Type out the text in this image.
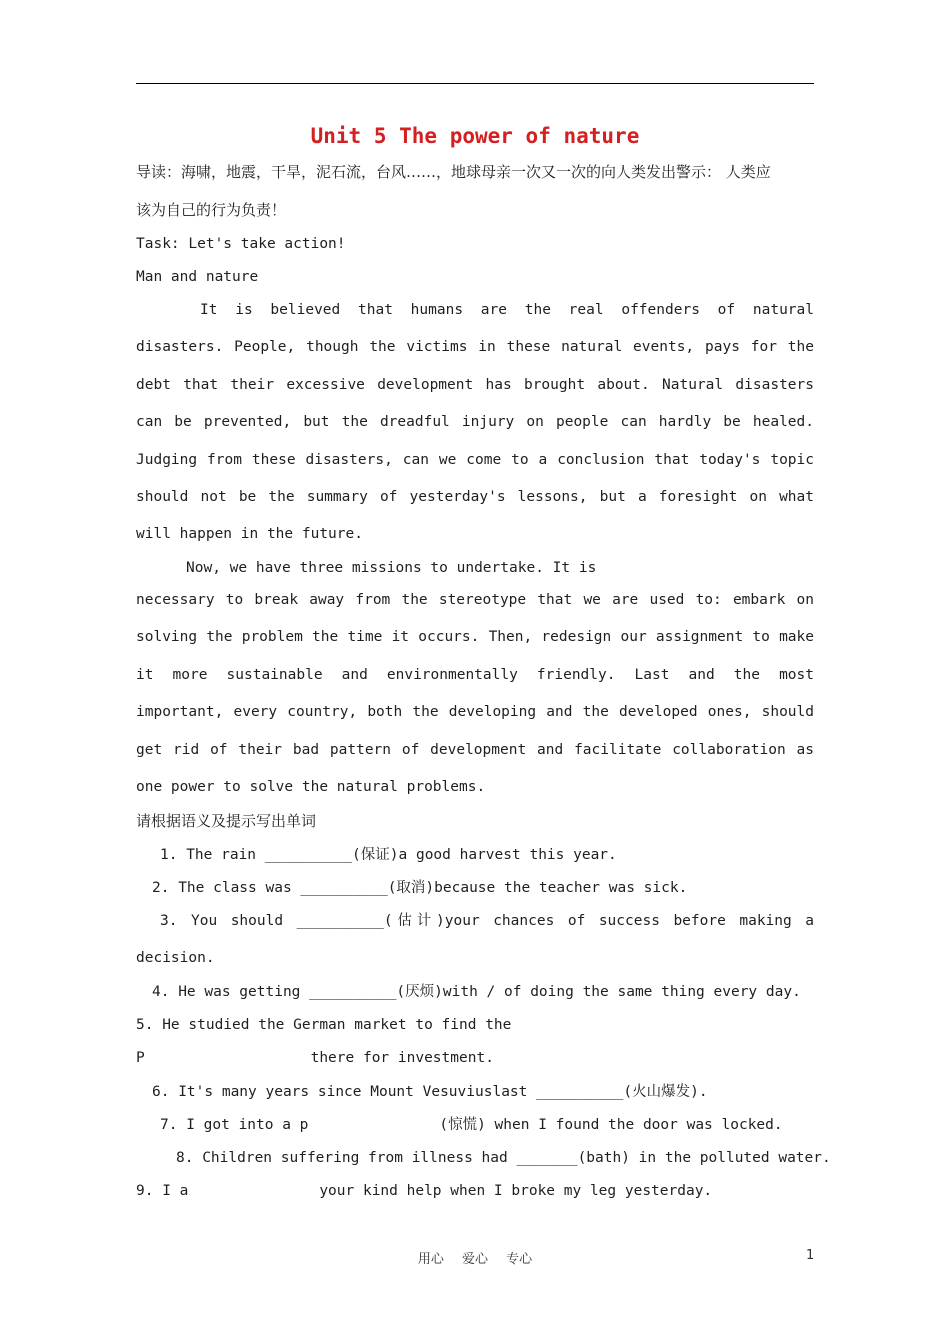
Unit 5 The power of nature
导读：海啸，地震，干旱，泥石流，台风……，地球母亲一次又一次的向人类发出警示： 人类应
该为自己的行为负责！
Task: Let's take action!
Man and nature
It is believed that humans are the real offenders of natural disasters. People, though the victims in these natural events, pays for the debt that their excessive development has brought about. Natural disasters can be prevented, but the dreadful injury on people can hardly be healed. Judging from these disasters, can we come to a conclusion that today's topic should not be the summary of yesterday's lessons, but a foresight on what will happen in the future.
Now, we have three missions to undertake. It is
necessary to break away from the stereotype that we are used to: embark on solving the problem the time it occurs. Then, redesign our assignment to make it more sustainable and environmentally friendly. Last and the most important, every country, both the developing and the developed ones, should get rid of their bad pattern of development and facilitate collaboration as one power to solve the natural problems.
请根据语义及提示写出单词
1. The rain __________(保证)a good harvest this year.
2. The class was __________(取消)because the teacher was sick.
3. You should __________(估计)your chances of success before making a
decision.
4. He was getting __________(厌烦)with / of doing the same thing every day.
5. He studied the German market to find the
P                   there for investment.
6. It's many years since Mount Vesuviuslast __________(火山爆发).
7. I got into a p               (惊慌) when I found the door was locked.
8. Children suffering from illness had _______(bath) in the polluted water.
9. I a               your kind help when I broke my leg yesterday.
用心 爱心 专心	1
